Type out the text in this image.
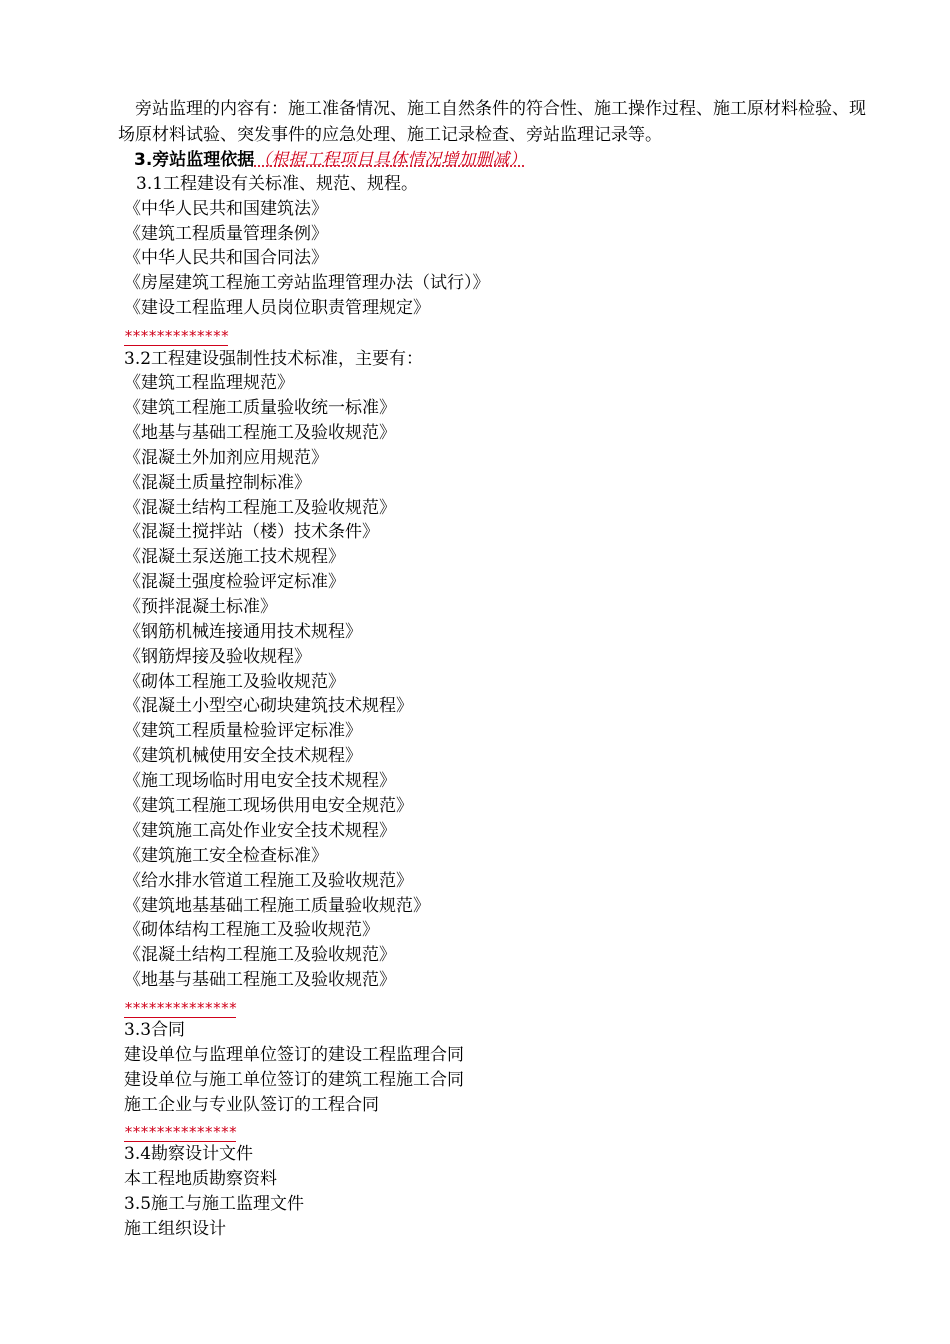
旁站监理的内容有：施工准备情况、施工自然条件的符合性、施工操作过程、施工原材料检验、现场原材料试验、突发事件的应急处理、施工记录检查、旁站监理记录等。

3.旁站监理依据（根据工程项目具体情况增加删减）
3.1工程建设有关标准、规范、规程。
《中华人民共和国建筑法》
《建筑工程质量管理条例》
《中华人民共和国合同法》
《房屋建筑工程施工旁站监理管理办法（试行）》
《建设工程监理人员岗位职责管理规定》
*************
3.2工程建设强制性技术标准，主要有：
《建筑工程监理规范》
《建筑工程施工质量验收统一标准》
《地基与基础工程施工及验收规范》
《混凝土外加剂应用规范》
《混凝土质量控制标准》
《混凝土结构工程施工及验收规范》
《混凝土搅拌站（楼）技术条件》
《混凝土泵送施工技术规程》
《混凝土强度检验评定标准》
《预拌混凝土标准》
《钢筋机械连接通用技术规程》
《钢筋焊接及验收规程》
《砌体工程施工及验收规范》
《混凝土小型空心砌块建筑技术规程》
《建筑工程质量检验评定标准》
《建筑机械使用安全技术规程》
《施工现场临时用电安全技术规程》
《建筑工程施工现场供用电安全规范》
《建筑施工高处作业安全技术规程》
《建筑施工安全检查标准》
《给水排水管道工程施工及验收规范》
《建筑地基基础工程施工质量验收规范》
《砌体结构工程施工及验收规范》
《混凝土结构工程施工及验收规范》
《地基与基础工程施工及验收规范》
**************
3.3合同
建设单位与监理单位签订的建设工程监理合同
建设单位与施工单位签订的建筑工程施工合同
施工企业与专业队签订的工程合同
**************
3.4勘察设计文件
本工程地质勘察资料
3.5施工与施工监理文件
施工组织设计
